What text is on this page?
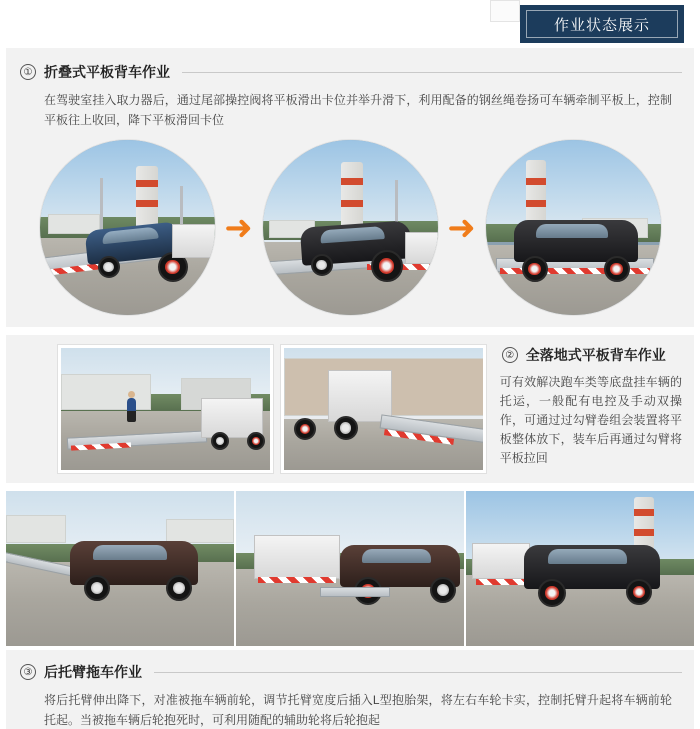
作业状态展示
① 折叠式平板背车作业
在驾驶室挂入取力器后，通过尾部操控阀将平板滑出卡位并举升滑下，利用配备的钢丝绳卷扬可车辆牵制平板上，控制平板往上收回，降下平板滑回卡位
➜	➜
② 全落地式平板背车作业
可有效解决跑车类等底盘挂车辆的托运，一般配有电控及手动双操作，可通过过勾臂卷组会装置将平板整体放下，装车后再通过勾臂将平板拉回
③ 后托臂拖车作业
将后托臂伸出降下，对准被拖车辆前轮，调节托臂宽度后插入L型抱胎架，将左右车轮卡实，控制托臂升起将车辆前轮托起。当被拖车辆后轮抱死时，可利用随配的辅助轮将后轮抱起
